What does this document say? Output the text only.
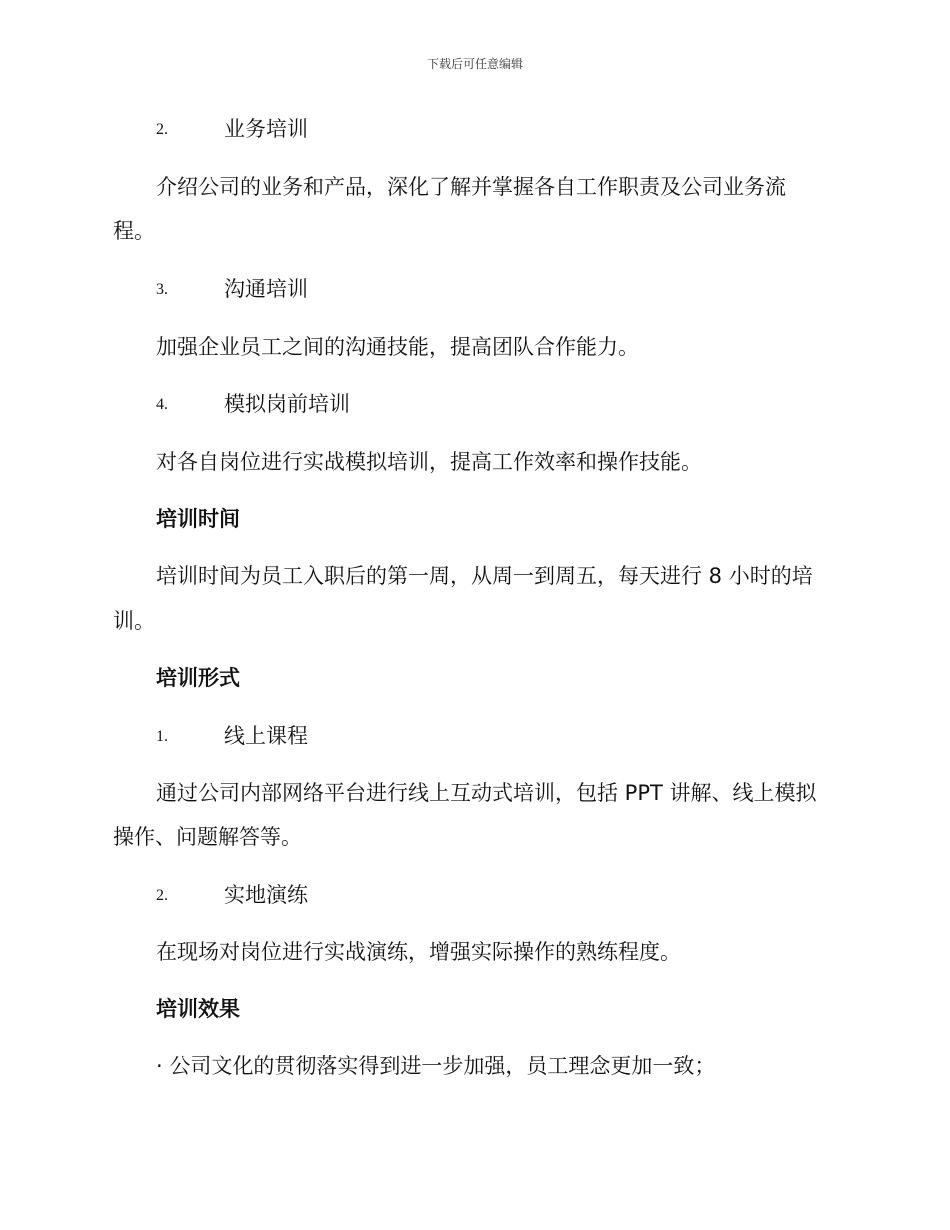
下载后可任意编辑
2.	业务培训
介绍公司的业务和产品，深化了解并掌握各自工作职责及公司业务流
程。
3.	沟通培训
加强企业员工之间的沟通技能，提高团队合作能力。
4.	模拟岗前培训
对各自岗位进行实战模拟培训，提高工作效率和操作技能。
培训时间
培训时间为员工入职后的第一周，从周一到周五，每天进行 8 小时的培
训。
培训形式
1.	线上课程
通过公司内部网络平台进行线上互动式培训，包括 PPT 讲解、线上模拟
操作、问题解答等。
2.	实地演练
在现场对岗位进行实战演练，增强实际操作的熟练程度。
培训效果
· 公司文化的贯彻落实得到进一步加强，员工理念更加一致；
